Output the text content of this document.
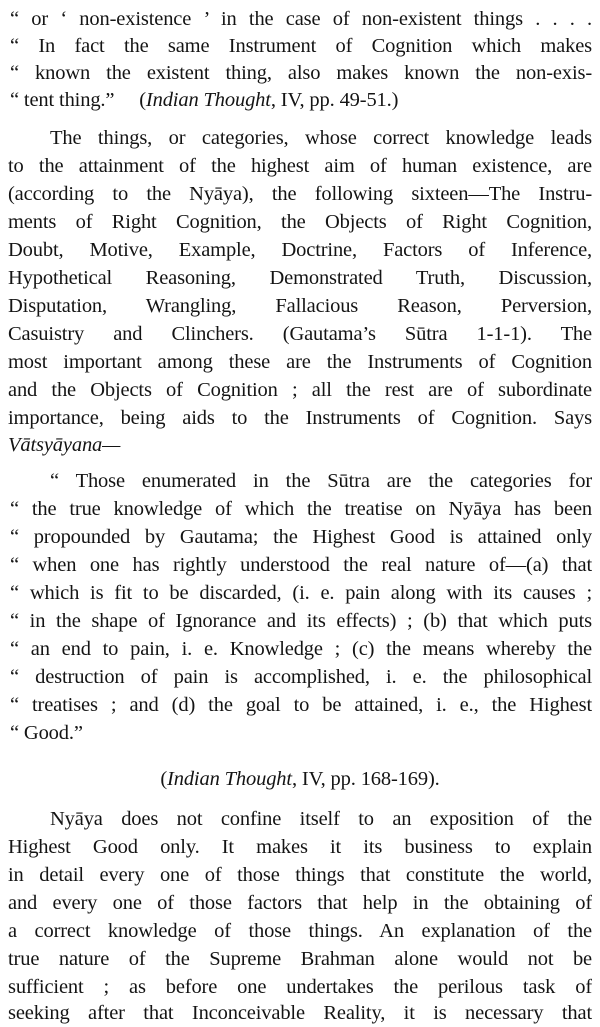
“ or ‘ non-existence ’ in the case of non-existent things . . . .
“ In fact the same Instrument of Cognition which makes
“ known the existent thing, also makes known the non-exis-
“ tent thing.”     (Indian Thought, IV, pp. 49-51.)
The things, or categories, whose correct knowledge leads
to the attainment of the highest aim of human existence, are
(according to the Nyāya), the following sixteen—The Instru-
ments of Right Cognition, the Objects of Right Cognition,
Doubt, Motive, Example, Doctrine, Factors of Inference,
Hypothetical Reasoning, Demonstrated Truth, Discussion,
Disputation, Wrangling, Fallacious Reason, Perversion,
Casuistry and Clinchers. (Gautama’s Sūtra 1-1-1). The
most important among these are the Instruments of Cognition
and the Objects of Cognition ; all the rest are of subordinate
importance, being aids to the Instruments of Cognition. Says
Vātsyāyana—
“ Those enumerated in the Sūtra are the categories for
“ the true knowledge of which the treatise on Nyāya has been
“ propounded by Gautama; the Highest Good is attained only
“ when one has rightly understood the real nature of—(a) that
“ which is fit to be discarded, (i. e. pain along with its causes ;
“ in the shape of Ignorance and its effects) ; (b) that which puts
“ an end to pain, i. e. Knowledge ; (c) the means whereby the
“ destruction of pain is accomplished, i. e. the philosophical
“ treatises ; and (d) the goal to be attained, i. e., the Highest
“ Good.”
(Indian Thought, IV, pp. 168-169).
Nyāya does not confine itself to an exposition of the
Highest Good only. It makes it its business to explain
in detail every one of those things that constitute the world,
and every one of those factors that help in the obtaining of
a correct knowledge of those things. An explanation of the
true nature of the Supreme Brahman alone would not be
sufficient ; as before one undertakes the perilous task of
seeking after that Inconceivable Reality, it is necessary that
